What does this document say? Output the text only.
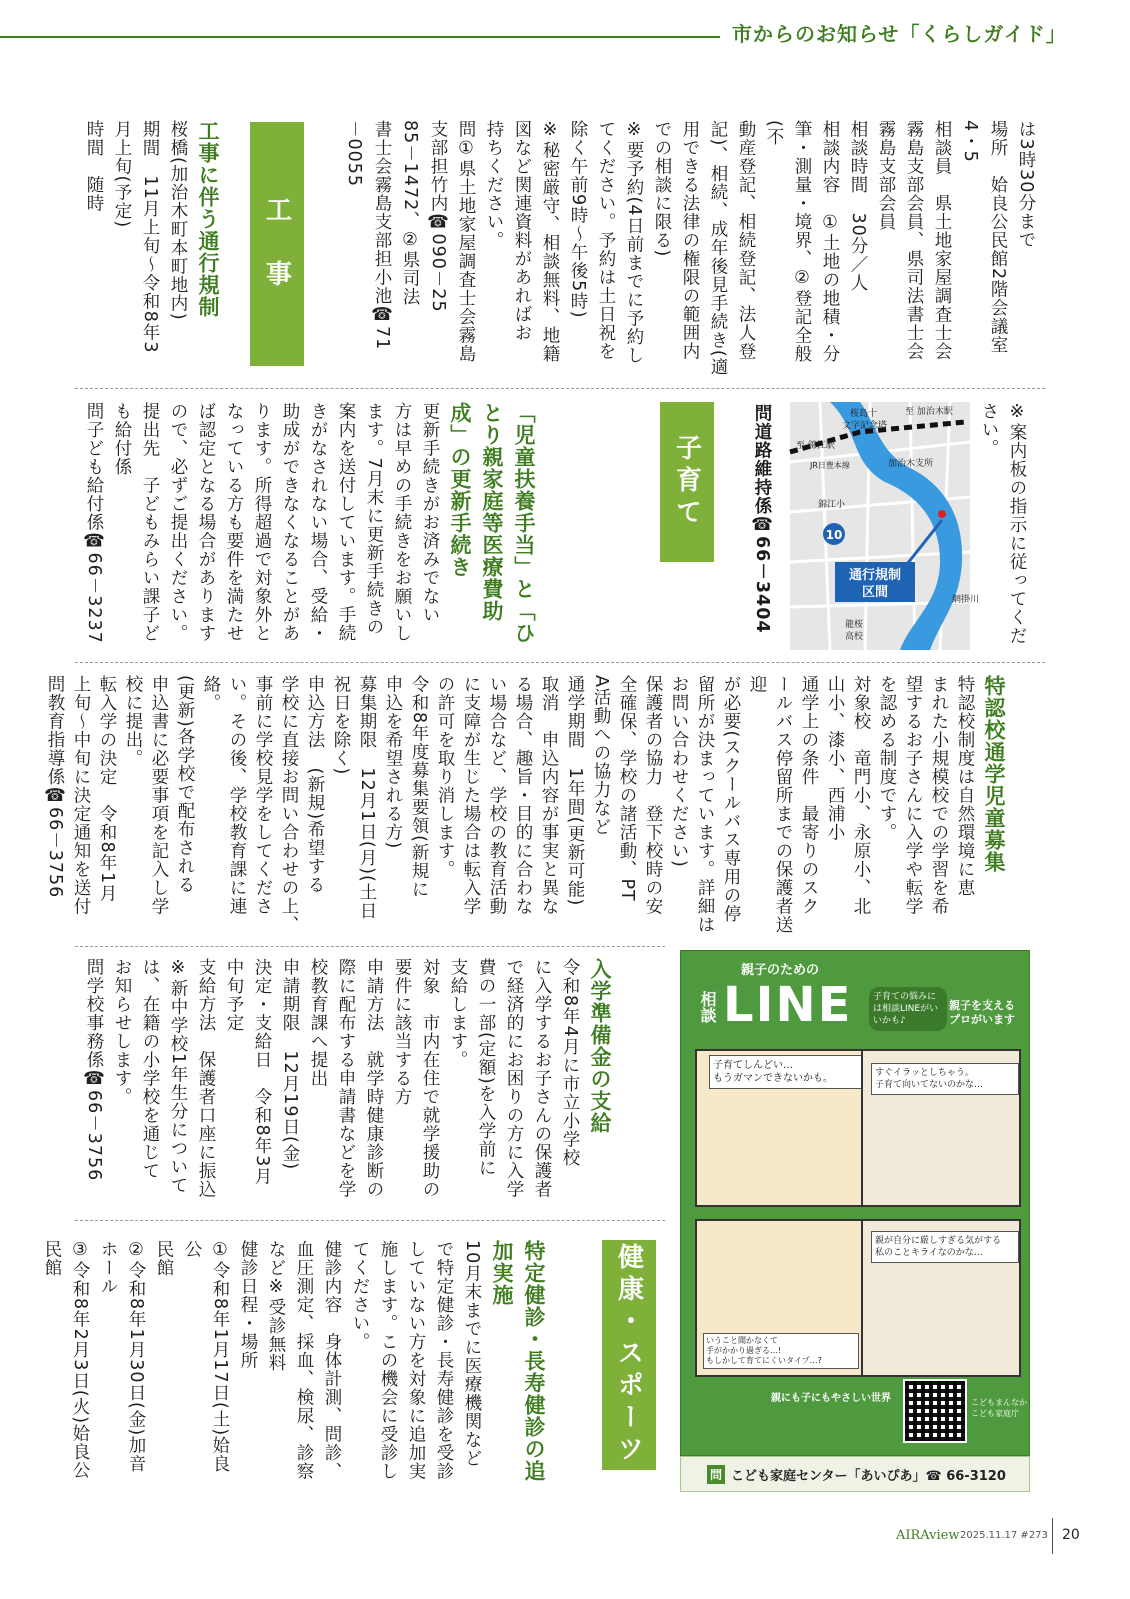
市からのお知らせ「くらしガイド」

は3時30分まで

場所　姶良公民館2階会議室

4・5

相談員　県土地家屋調査士会

霧島支部会員、県司法書士会

霧島支部会員

相談時間　30分／人

相談内容　①土地の地積・分

筆・測量・境界、②登記全般(不

動産登記、相続登記、法人登

記)、相続、成年後見手続き(適

用できる法律の権限の範囲内

での相談に限る)

※要予約(4日前までに予約し

てください。予約は土日祝を

除く午前9時～午後5時)

※秘密厳守、相談無料、地籍

図など関連資料があればお

持ちください。

問①県土地家屋調査士会霧島

支部担竹内☎090－25

85－1472、②県司法

書士会霧島支部担小池☎71

－0055

工　事

工事に伴う通行規制

桜橋(加治木町本町地内)

期間　11月上旬～令和8年3

月上旬(予定)

時間　随時

※案内板の指示に従ってくだ

さい。

10
通行規制
区間
桜島十
文字記念塔
至 加治木駅
至 錦江駅
JR日豊本線	加治木支所
錦江小
龍桜
高校
網掛川
問道路維持係☎66－3404
子育て

「児童扶養手当」と「ひとり親家庭等医療費助成」の更新手続き

更新手続きがお済みでない

方は早めの手続きをお願いし

ます。7月末に更新手続きの

案内を送付しています。手続

きがなされない場合、受給・

助成ができなくなることがあ

ります。所得超過で対象外と

なっている方も要件を満たせ

ば認定となる場合があります

ので、必ずご提出ください。

提出先　子どもみらい課子ど

も給付係

問子ども給付係☎66－3237

特認校通学児童募集

特認校制度は自然環境に恵

まれた小規模校での学習を希

望するお子さんに入学や転学

を認める制度です。

対象校　竜門小、永原小、北

山小、漆小、西浦小

通学上の条件　最寄りのスク

ールバス停留所までの保護者送迎

が必要(スクールバス専用の停

留所が決まっています。詳細は

お問い合わせください)

保護者の協力　登下校時の安

全確保、学校の諸活動、PT

A活動への協力など

通学期間　1年間(更新可能)

取消　申込内容が事実と異な

る場合、趣旨・目的に合わな

い場合など、学校の教育活動

に支障が生じた場合は転入学

の許可を取り消します。

令和8年度募集要領(新規に

申込を希望される方)

募集期限　12月1日(月)(土日

祝日を除く)

申込方法　(新規)希望する

学校に直接お問い合わせの上、

事前に学校見学をしてくださ

い。その後、学校教育課に連絡。

(更新)各学校で配布される

申込書に必要事項を記入し学

校に提出。

転入学の決定　令和8年1月

上旬～中旬に決定通知を送付

問教育指導係☎66－3756

入学準備金の支給

令和8年4月に市立小学校

に入学するお子さんの保護者

で経済的にお困りの方に入学

費の一部(定額)を入学前に

支給します。

対象　市内在住で就学援助の

要件に該当する方

申請方法　就学時健康診断の

際に配布する申請書などを学

校教育課へ提出

申請期限　12月19日(金)

決定・支給日　令和8年3月

中旬予定

支給方法　保護者口座に振込

※新中学校1年生分について

は、在籍の小学校を通じて

お知らせします。

問学校事務係☎66－3756

健康・スポーツ

特定健診・長寿健診の追加実施

10月末までに医療機関など

で特定健診・長寿健診を受診

していない方を対象に追加実

施します。この機会に受診し

てください。

健診内容　身体計測、問診、

血圧測定、採血、検尿、診察

など※受診無料

健診日程・場所

①令和8年1月17日(土)姶良公

民館

②令和8年1月30日(金)加音

ホール

③令和8年2月3日(火)姶良公

民館

親子のための
相談 LINE	子育ての悩みには相談LINEがいいかも♪
親子を支える
プロがいます
子育てしんどい…
もうガマンできないかも。	すぐイラッとしちゃう。
子育て向いてないのかな…
いうこと聞かなくて
手がかかり過ぎる…!
もしかして育てにくいタイプ…?
親が自分に厳しすぎる気がする
私のことキライなのかな…
親にも子にもやさしい世界	こどもまんなか
こども家庭庁
問 こども家庭センター「あいぴあ」☎ 66-3120
AIRAview 2025.11.17 #273 20
